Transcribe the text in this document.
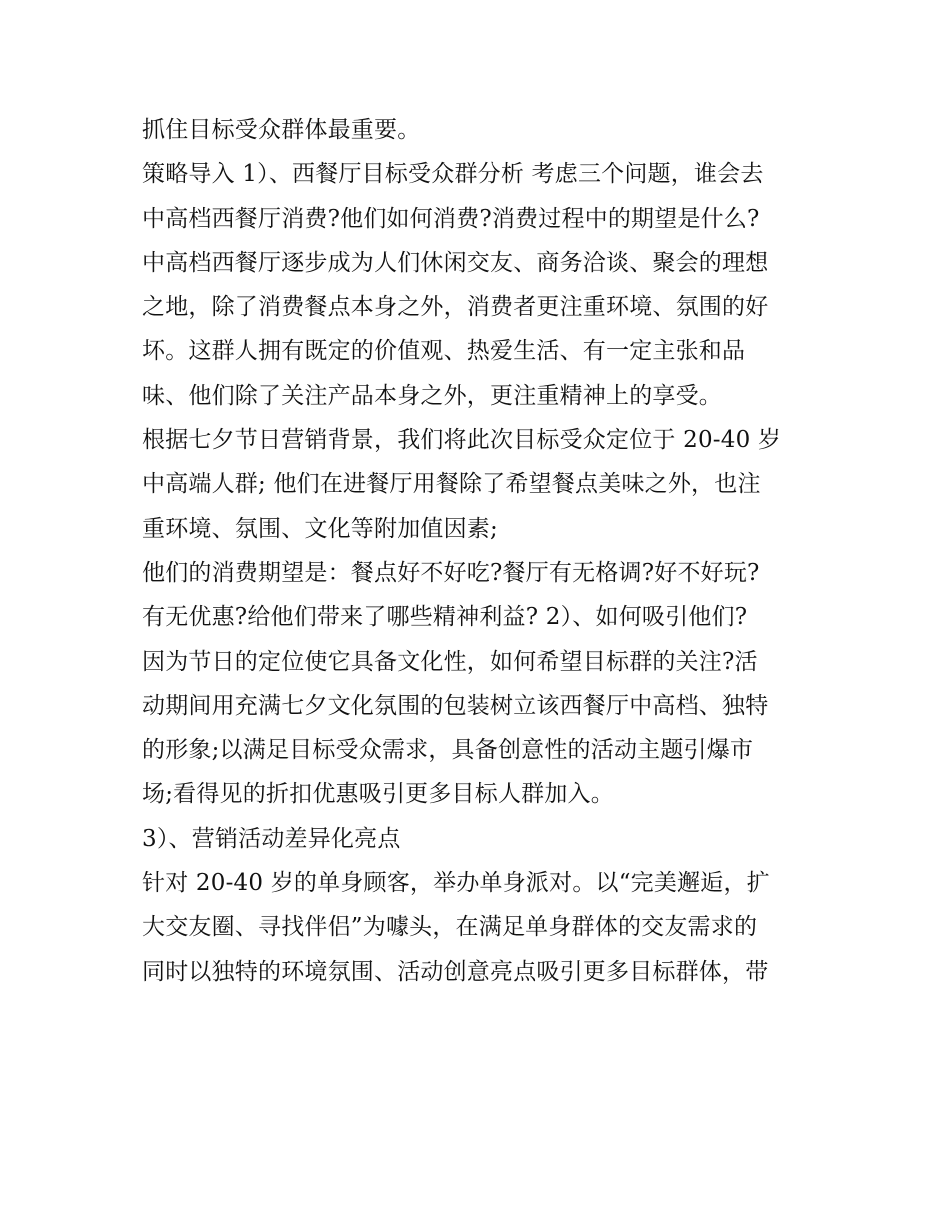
抓住目标受众群体最重要。
策略导入 1）、西餐厅目标受众群分析 考虑三个问题，谁会去
中高档西餐厅消费?他们如何消费?消费过程中的期望是什么?
中高档西餐厅逐步成为人们休闲交友、商务洽谈、聚会的理想
之地，除了消费餐点本身之外，消费者更注重环境、氛围的好
坏。这群人拥有既定的价值观、热爱生活、有一定主张和品
味、他们除了关注产品本身之外，更注重精神上的享受。
根据七夕节日营销背景，我们将此次目标受众定位于 20-40 岁
中高端人群; 他们在进餐厅用餐除了希望餐点美味之外，也注
重环境、氛围、文化等附加值因素;
他们的消费期望是：餐点好不好吃?餐厅有无格调?好不好玩?
有无优惠?给他们带来了哪些精神利益? 2）、如何吸引他们?
因为节日的定位使它具备文化性，如何希望目标群的关注?活
动期间用充满七夕文化氛围的包装树立该西餐厅中高档、独特
的形象;以满足目标受众需求，具备创意性的活动主题引爆市
场;看得见的折扣优惠吸引更多目标人群加入。
3）、营销活动差异化亮点
针对 20-40 岁的单身顾客，举办单身派对。以“完美邂逅，扩
大交友圈、寻找伴侣”为噱头，在满足单身群体的交友需求的
同时以独特的环境氛围、活动创意亮点吸引更多目标群体，带
